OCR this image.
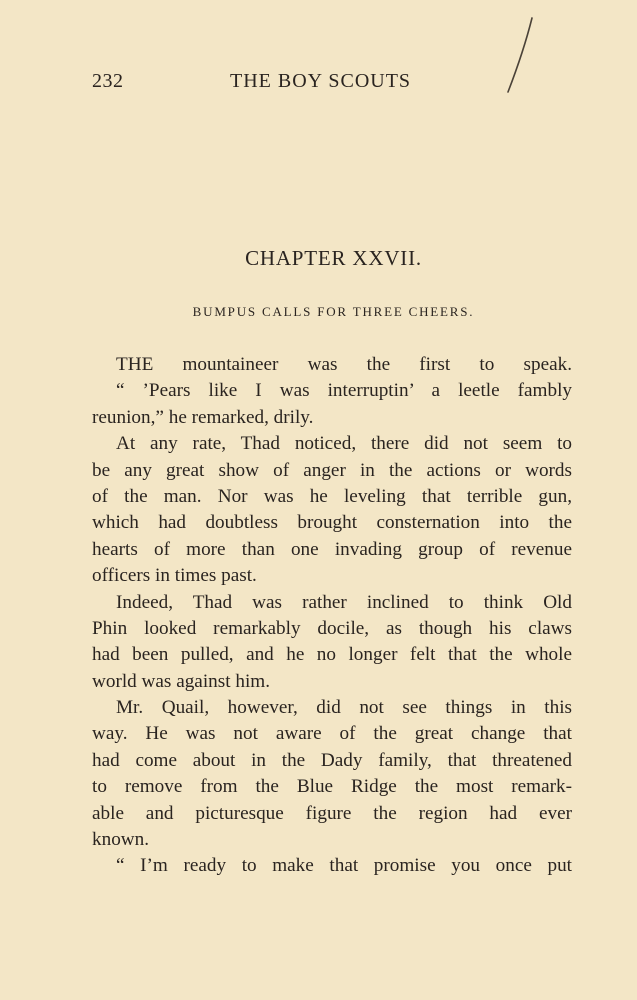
232	THE BOY SCOUTS
CHAPTER XXVII.
BUMPUS CALLS FOR THREE CHEERS.
THE mountaineer was the first to speak.
“ ’Pears like I was interruptin’ a leetle fambly
reunion,” he remarked, drily.
At any rate, Thad noticed, there did not seem to
be any great show of anger in the actions or words
of the man. Nor was he leveling that terrible gun,
which had doubtless brought consternation into the
hearts of more than one invading group of revenue
officers in times past.
Indeed, Thad was rather inclined to think Old
Phin looked remarkably docile, as though his claws
had been pulled, and he no longer felt that the whole
world was against him.
Mr. Quail, however, did not see things in this
way. He was not aware of the great change that
had come about in the Dady family, that threatened
to remove from the Blue Ridge the most remark-
able and picturesque figure the region had ever
known.
“ I’m ready to make that promise you once put
